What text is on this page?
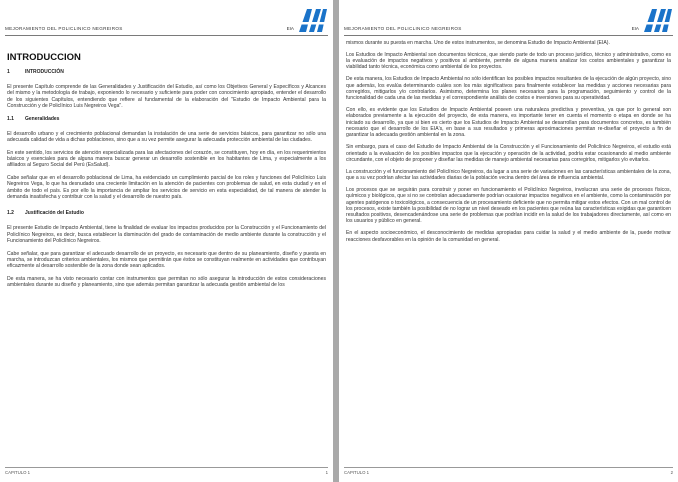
MEJORAMIENTO DEL POLICLINICO NEGREIROS	EIA
INTRODUCCION
1	INTRODUCCIÓN

El presente Capítulo comprende de las Generalidades y Justificación del Estudio, así como los Objetivos General y Específicos y Alcances del mismo y la metodología de trabajo, exponiendo lo necesario y suficiente para poder con conocimiento apropiado, entender el desarrollo de los siguientes Capítulos, entendiendo que refiere al fundamental de la elaboración del "Estudio de Impacto Ambiental para la Construcción y de Policlínico Luis Negreiros Vega".

1.1 Generalidades

El desarrollo urbano y el crecimiento poblacional demandan la instalación de una serie de servicios básicos, para garantizar no sólo una adecuada calidad de vida a dichas poblaciones, sino que a su vez permite asegurar la adecuada protección ambiental de las ciudades.

En este sentido, los servicios de atención especializada para las afectaciones del corazón, se constituyen, hoy en día, en los requerimientos básicos y esenciales para de alguna manera buscar generar un desarrollo sostenible en los habitantes de Lima, y especialmente a los afiliados al Seguro Social del Perú (EsSalud).

Cabe señalar que en el desarrollo poblacional de Lima, ha evidenciado un cumplimiento parcial de los roles y funciones del Policlínico Luis Negreiros Vega, lo que ha desnudado una creciente limitación en la atención de pacientes con problemas de salud, en esta ciudad y en el ámbito de todo el país. Es por ello la importancia de ampliar los servicios de servicio en esta especialidad, de tal manera de atender la demanda insatisfecha y contribuir con la salud y el desarrollo de nuestro país.

1.2 Justificación del Estudio

El presente Estudio de Impacto Ambiental, tiene la finalidad de evaluar los impactos producidos por la Construcción y el Funcionamiento del Policlínico Negreiros, es decir, busca establecer la disminución del grado de contaminación de medio ambiente durante la construcción y el Funcionamiento del Policlínico Negreiros.

Cabe señalar, que para garantizar el adecuado desarrollo de un proyecto, es necesario que dentro de su planeamiento, diseño y puesta en marcha, se introduzcan criterios ambientales, los mismos que permitirán que éstos se constituyan realmente en actividades que contribuyan eficazmente al desarrollo sostenible de la zona donde sean aplicados.

De esta manera, se ha visto necesario contar con instrumentos que permitan no sólo asegurar la introducción de estos consideraciones ambientales durante su diseño y planeamiento, sino que además permitan garantizar la adecuada gestión ambiental de los

CAPITULO 1	1
MEJORAMIENTO DEL POLICLINICO NEGREIROS	EIA

mismos durante su puesta en marcha. Uno de estos instrumentos, se denomina Estudio de Impacto Ambiental (EIA).

Los Estudios de Impacto Ambiental son documentos técnicos, que siendo parte de todo un proceso jurídico, técnico y administrativo, como es la evaluación de impactos negativos y positivos al ambiente, permite de alguna manera analizar los costos ambientales y garantizar la viabilidad tanto técnica, económica como ambiental de los proyectos.

De esta manera, los Estudios de Impacto Ambiental no sólo identifican los posibles impactos resultantes de la ejecución de algún proyecto, sino que además, los evalúa determinando cuáles son los más significativos para finalmente establecer las medidas y acciones necesarias para corregirlos, mitigarlos y/o controlarlos. Asimismo, determina los planes necesarios para la programación, seguimiento y control de la funcionalidad de cada una de las medidas y el correspondiente análisis de costos e inversiones para su operatividad.

Con ello, es evidente que los Estudios de Impacto Ambiental poseen una naturaleza predictiva y preventiva, ya que por lo general son elaborados previamente a la ejecución del proyecto, de esta manera, es importante tener en cuenta el momento o etapa en donde se ha iniciado su desarrollo, ya que si bien es cierto que los Estudios de Impacto Ambiental se desarrollan para documentos concretos, es también necesario que el desarrollo de los EIA's, en base a sus resultados y primeras aproximaciones permitan re-diseñar el proyecto a fin de garantizar la adecuada gestión ambiental en la zona.

Sin embargo, para el caso del Estudio de Impacto Ambiental de la Construcción y el Funcionamiento del Policlínico Negreiros, el estudio está orientado a la evaluación de los posibles impactos que la ejecución y operación de la actividad, podría estar ocasionando al medio ambiente circundante, con el objeto de proponer y diseñar las medidas de manejo ambiental necesarias para corregirlos, mitigarlos y/o evitarlos.

La construcción y el funcionamiento del Policlínico Negreiros, da lugar a una serie de variaciones en las características ambientales de la zona, que a su vez podrían afectar las actividades diarias de la población vecina dentro del área de influencia ambiental.

Los procesos que se seguirán para construir y poner en funcionamiento el Policlínico Negreiros, involucran una serie de procesos físicos, químicos y biológicos, que si no se controlan adecuadamente podrían ocasionar impactos negativos en el ambiente, como la contaminación por agentes patógenos o toxicológicos, a consecuencia de un procesamiento deficiente que no permita mitigar estos efectos. Con un mal control de los procesos, existe también la posibilidad de no lograr un nivel deseado en los pacientes que reúna las características exigidas que garanticen resultados positivos, desencadenándose una serie de problemas que podrían incidir en la salud de los trabajadores directamente, así como en los usuarios y público en general.

En el aspecto socioeconómico, el desconocimiento de medidas apropiadas para cuidar la salud y el medio ambiente de la, puede motivar reacciones desfavorables en la opinión de la comunidad en general.

CAPITULO 1	2
